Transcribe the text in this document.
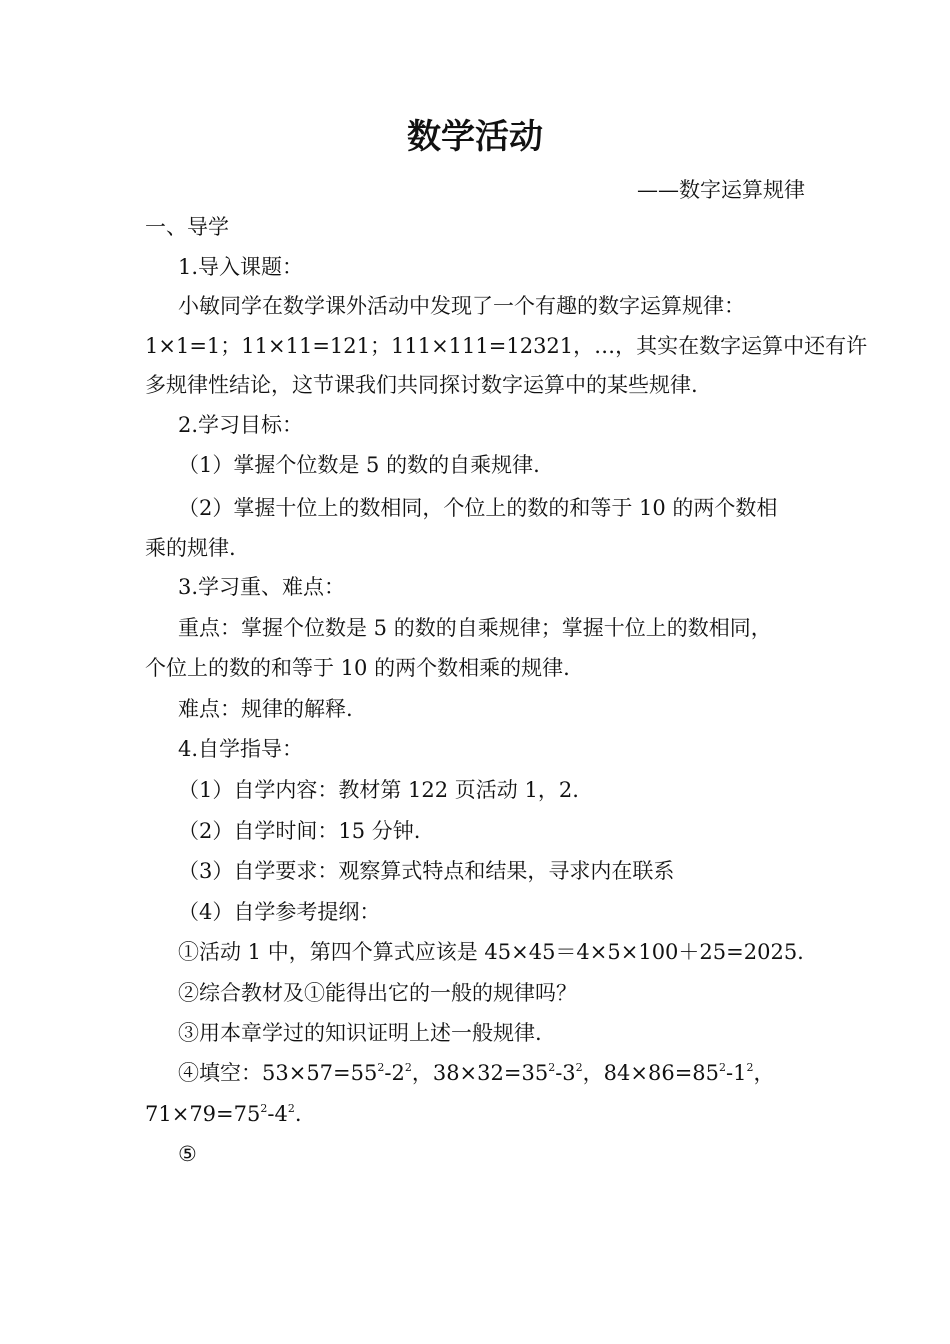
数学活动
——数字运算规律
一、导学
1.导入课题：
小敏同学在数学课外活动中发现了一个有趣的数字运算规律：
1×1=1；11×11=121；111×111=12321，…，其实在数字运算中还有许
多规律性结论，这节课我们共同探讨数字运算中的某些规律.
2.学习目标：
（1）掌握个位数是 5 的数的自乘规律.
（2）掌握十位上的数相同，个位上的数的和等于 10 的两个数相
乘的规律.
3.学习重、难点：
重点：掌握个位数是 5 的数的自乘规律；掌握十位上的数相同，
个位上的数的和等于 10 的两个数相乘的规律.
难点：规律的解释.
4.自学指导：
（1）自学内容：教材第 122 页活动 1，2.
（2）自学时间：15 分钟.
（3）自学要求：观察算式特点和结果，寻求内在联系
（4）自学参考提纲：
①活动 1 中，第四个算式应该是 45×45＝4×5×100＋25=2025.
②综合教材及①能得出它的一般的规律吗？
③用本章学过的知识证明上述一般规律.
④填空：$53\times 57=55^2-2^2$，$38\times 32=35^2-3^2$，$84\times 86=85^2-1^2$，
$71\times 79=75^2-4^2$.
⑤
